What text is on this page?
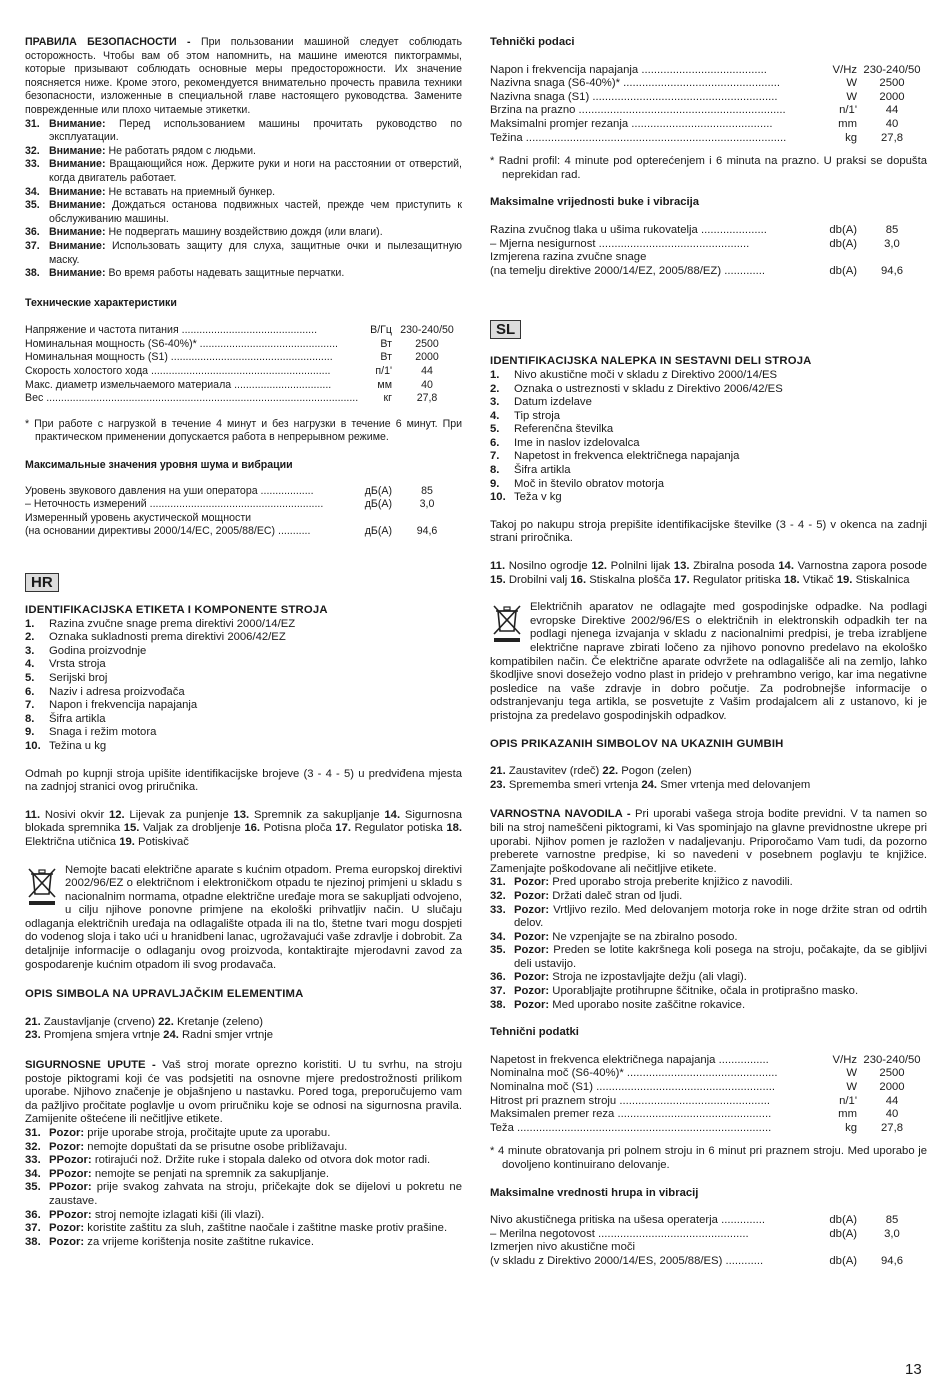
ПРАВИЛА БЕЗОПАСНОСТИ - При пользовании машиной следует соблюдать осторожность. Чтобы вам об этом напомнить, на машине имеются пиктограммы, которые призывают соблюдать основные меры предосторожности. Их значение поясняется ниже. Кроме этого, рекомендуется внимательно прочесть правила техники безопасности, изложенные в специальной главе настоящего руководства. Замените поврежденные или плохо читаемые этикетки.

31. Внимание: Перед использованием машины прочитать руководство по эксплуатации.
32. Внимание: Не работать рядом с людьми.
33. Внимание: Вращающийся нож. Держите руки и ноги на расстоянии от отверстий, когда двигатель работает.
34. Внимание: Не вставать на приемный бункер.
35. Внимание: Дождаться останова подвижных частей, прежде чем приступить к обслуживанию машины.
36. Внимание: Не подвергать машину воздействию дождя (или влаги).
37. Внимание: Использовать защиту для слуха, защитные очки и пылезащитную маску.
38. Внимание: Во время работы надевать защитные перчатки.

Технические характеристики

Напряжение и частота питания ..............................................	В/Гц 230-240/50
Номинальная мощность (S6-40%)* ...............................................	Вт	2500
Номинальная мощность (S1) .......................................................	Вт	2000
Скорость холостого хода .............................................................	п/1'	44
Макс. диаметр измельчаемого материала .................................	мм	40
Вес ..........................................................................................................	кг	27,8

* При работе с нагрузкой в течение 4 минут и без нагрузки в течение 6 минут. При практическом применении допускается работа в непрерывном режиме.

Максимальные значения уровня шума и вибрации

Уровень звукового давления на уши оператора ..................	дБ(A)	85
– Неточность измерений ...........................................................	дБ(A)	3,0
Измеренный уровень акустической мощности
(на основании директивы 2000/14/EC, 2005/88/EC) ...........	дБ(A)	94,6
HR

IDENTIFIKACIJSKA ETIKETA I KOMPONENTE STROJA

1.	Razina zvučne snage prema direktivi 2000/14/EZ
2.	Oznaka sukladnosti prema direktivi 2006/42/EZ
3.	Godina proizvodnje
4.	Vrsta stroja
5.	Serijski broj
6.	Naziv i adresa proizvođača
7.	Napon i frekvencija napajanja
8.	Šifra artikla
9.	Snaga i režim motora
10. Težina u kg

Odmah po kupnji stroja upišite identifikacijske brojeve (3 - 4 - 5) u predviđena mjesta na zadnjoj stranici ovog priručnika.

11. Nosivi okvir 12. Lijevak za punjenje 13. Spremnik za sakupljanje 14. Sigurnosna blokada spremnika 15. Valjak za drobljenje 16. Potisna ploča 17. Regulator potiska 18. Električna utičnica 19. Potiskivač

Nemojte bacati električne aparate s kućnim otpadom. Prema europskoj direktivi 2002/96/EZ o električnom i elektroničkom otpadu te njezinoj primjeni u skladu s nacionalnim normama, otpadne električne uređaje mora se sakupljati odvojeno, u cilju njihove ponovne primjene na ekološki prihvatljiv način. U slučaju odlaganja električnih uređaja na odlagalište otpada ili na tlo, štetne tvari mogu dospjeti do vodenog sloja i tako ući u hranidbeni lanac, ugrožavajući vaše zdravlje i dobrobit. Za detaljnije informacije o odlaganju ovog proizvoda, kontaktirajte mjerodavni zavod za gospodarenje kućnim otpadom ili svog prodavača.

OPIS SIMBOLA NA UPRAVLJAČKIM ELEMENTIMA

21. Zaustavljanje (crveno) 22. Kretanje (zeleno)
23. Promjena smjera vrtnje 24. Radni smjer vrtnje

SIGURNOSNE UPUTE - Vaš stroj morate oprezno koristiti. U tu svrhu, na stroju postoje piktogrami koji će vas podsjetiti na osnovne mjere predostrožnosti prilikom uporabe. Njihovo značenje je objašnjeno u nastavku. Pored toga, preporučujemo vam da pažljivo pročitate poglavlje u ovom priručniku koje se odnosi na sigurnosna pravila. Zamijenite oštećene ili nečitljive etikete.

31. Pozor: prije uporabe stroja, pročitajte upute za uporabu.
32. Pozor: nemojte dopuštati da se prisutne osobe približavaju.
33. PPozor: rotirajući nož. Držite ruke i stopala daleko od otvora dok motor radi.
34. PPozor: nemojte se penjati na spremnik za sakupljanje.
35. PPozor: prije svakog zahvata na stroju, pričekajte dok se dijelovi u pokretu ne zaustave.
36. PPozor: stroj nemojte izlagati kiši (ili vlazi).
37. Pozor: koristite zaštitu za sluh, zaštitne naočale i zaštitne maske protiv prašine.
38. Pozor: za vrijeme korištenja nosite zaštitne rukavice.

Tehnički podaci

Napon i frekvencija napajanja ........................................	V/Hz 230-240/50
Nazivna snaga (S6-40%)* ..................................................	W	2500
Nazivna snaga (S1) ...........................................................	W	2000
Brzina na prazno ..................................................................	n/1'	44
Maksimalni promjer rezanja .............................................	mm	40
Težina ...................................................................................	kg	27,8

* Radni profil: 4 minute pod opterećenjem i 6 minuta na prazno. U praksi se dopušta neprekidan rad.

Maksimalne vrijednosti buke i vibracija

Razina zvučnog tlaka u ušima rukovatelja .....................	db(A)	85
– Mjerna nesigurnost ................................................	db(A)	3,0
Izmjerena razina zvučne snage
(na temelju direktive 2000/14/EZ, 2005/88/EZ) .............	db(A)	94,6
SL

IDENTIFIKACIJSKA NALEPKA IN SESTAVNI DELI STROJA

1.	Nivo akustične moči v skladu z Direktivo 2000/14/ES
2.	Oznaka o ustreznosti v skladu z Direktivo 2006/42/ES
3.	Datum izdelave
4.	Tip stroja
5.	Referenčna številka
6.	Ime in naslov izdelovalca
7.	Napetost in frekvenca električnega napajanja
8.	Šifra artikla
9.	Moč in število obratov motorja
10. Teža v kg

Takoj po nakupu stroja prepišite identifikacijske številke (3 - 4 - 5) v okenca na zadnji strani priročnika.

11. Nosilno ogrodje 12. Polnilni lijak 13. Zbiralna posoda 14. Varnostna zapora posode 15. Drobilni valj 16. Stiskalna plošča 17. Regulator pritiska 18. Vtikač 19. Stiskalnica

Električnih aparatov ne odlagajte med gospodinjske odpadke. Na podlagi evropske Direktive 2002/96/ES o električnih in elektronskih odpadkih ter na podlagi njenega izvajanja v skladu z nacionalnimi predpisi, je treba izrabljene električne naprave zbirati ločeno za njihovo ponovno predelavo na ekološko kompatibilen način. Če električne aparate odvržete na odlagališče ali na zemljo, lahko škodljive snovi dosežejo vodno plast in pridejo v prehrambno verigo, kar ima negativne posledice na vaše zdravje in dobro počutje. Za podrobnejše informacije o odstranjevanju tega artikla, se posvetujte z Vašim prodajalcem ali z ustanovo, ki je pristojna za predelavo gospodinjskih odpadkov.

OPIS PRIKAZANIH SIMBOLOV NA UKAZNIH GUMBIH

21. Zaustavitev (rdeč) 22. Pogon (zelen)
23. Sprememba smeri vrtenja 24. Smer vrtenja med delovanjem

VARNOSTNA NAVODILA - Pri uporabi vašega stroja bodite previdni. V ta namen so bili na stroj nameščeni piktogrami, ki Vas spominjajo na glavne previdnostne ukrepe pri uporabi. Njihov pomen je razložen v nadaljevanju. Priporočamo Vam tudi, da pozorno preberete varnostne predpise, ki so navedeni v posebnem poglavju te knjižice. Zamenjajte poškodovane ali nečitljive etikete.

31. Pozor: Pred uporabo stroja preberite knjižico z navodili.
32. Pozor: Držati dalеč stran od ljudi.
33. Pozor: Vrtljivo rezilo. Med delovanjem motorja roke in noge držite stran od odrtih delov.
34. Pozor: Ne vzpenjajte se na zbiralno posodo.
35. Pozor: Preden se lotite kakršnega koli posega na stroju, počakajte, da se gibljivi deli ustavijo.
36. Pozor: Stroja ne izpostavljajte dežju (ali vlagi).
37. Pozor: Uporabljajte protihrupne ščitnike, očala in protiprašno masko.
38. Pozor: Med uporabo nosite zaščitne rokavice.

Tehnični podatki

Napetost in frekvenca električnega napajanja ................	V/Hz 230-240/50
Nominalna moč (S6-40%)* ................................................	W	2500
Nominalna moč (S1) .........................................................	W	2000
Hitrost pri praznem stroju ................................................	n/1'	44
Maksimalen premer reza .................................................	mm	40
Teža .................................................................................	kg	27,8

* 4 minute obratovanja pri polnem stroju in 6 minut pri praznem stroju. Med uporabo je dovoljeno kontinuirano delovanje.

Maksimalne vrednosti hrupa in vibracij

Nivo akustičnega pritiska na ušesa operaterja ..............	db(A)	85
– Merilna negotovost ................................................	db(A)	3,0
Izmerjen nivo akustične moči
(v skladu z Direktivo 2000/14/ES, 2005/88/ES) ............	db(A)	94,6
13
